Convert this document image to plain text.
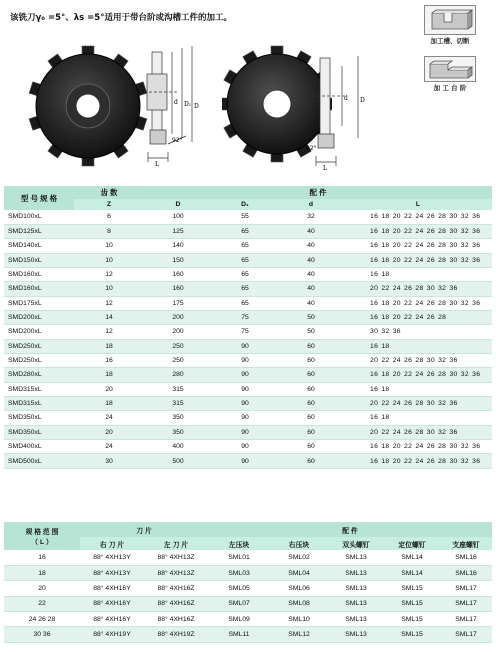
该铣刀γ₀ =5°、λs =5°适用于带台阶或沟槽工件的加工。
加工槽、切断
加 工 台 阶
d D₁ D
92°
L
d D
92°
L
型 号 规 格	齿 数	配 件			
	Z	D	D₁	d	L
SMD100xL	6	100	55	32	16 18 20 22 24 26 28 30 32 36
SMD125xL	8	125	65	40	16 18 20 22 24 26 28 30 32 36
SMD140xL	10	140	65	40	16 18 20 22 24 26 28 30 32 36
SMD150xL	10	150	65	40	16 18 20 22 24 26 28 30 32 36
SMD160xL	12	160	65	40	16 18
SMD160xL	10	160	65	40	20 22 24 26 28 30 32 36
SMD175xL	12	175	65	40	16 18 20 22 24 26 28 30 32 36
SMD200xL	14	200	75	50	16 18 20 22 24 26 28
SMD200xL	12	200	75	50	30 32 36
SMD250xL	18	250	90	60	16 18
SMD250xL	16	250	90	60	20 22 24 26 28 30 32 36
SMD280xL	18	280	90	60	16 18 20 22 24 26 28 30 32 36
SMD315xL	20	315	90	60	16 18
SMD315xL	18	315	90	60	20 22 24 26 28 30 32 36
SMD350xL	24	350	90	60	16 18
SMD350xL	20	350	90	60	20 22 24 26 28 30 32 36
SMD400xL	24	400	90	60	16 18 20 22 24 26 28 30 32 36
SMD500xL	30	500	90	60	16 18 20 22 24 26 28 30 32 36
规 格 范 围
（ L ）	刀 片		配 件				
	右 刀 片	左 刀 片	左压块	右压块	双头螺钉	定位螺钉	支座螺钉
16	88° 4XH13Y	88° 4XH13Z	SML01	SML02	SML13	SML14	SML16
18	88° 4XH13Y	88° 4XH13Z	SML03	SML04	SML13	SML14	SML16
20	88° 4XH16Y	88° 4XH16Z	SML05	SML06	SML13	SML15	SML17
22	88° 4XH16Y	88° 4XH16Z	SML07	SML08	SML13	SML15	SML17
24 26 28	88° 4XH16Y	88° 4XH16Z	SML09	SML10	SML13	SML15	SML17
30 36	88° 4XH19Y	88° 4XH19Z	SML11	SML12	SML13	SML15	SML17
